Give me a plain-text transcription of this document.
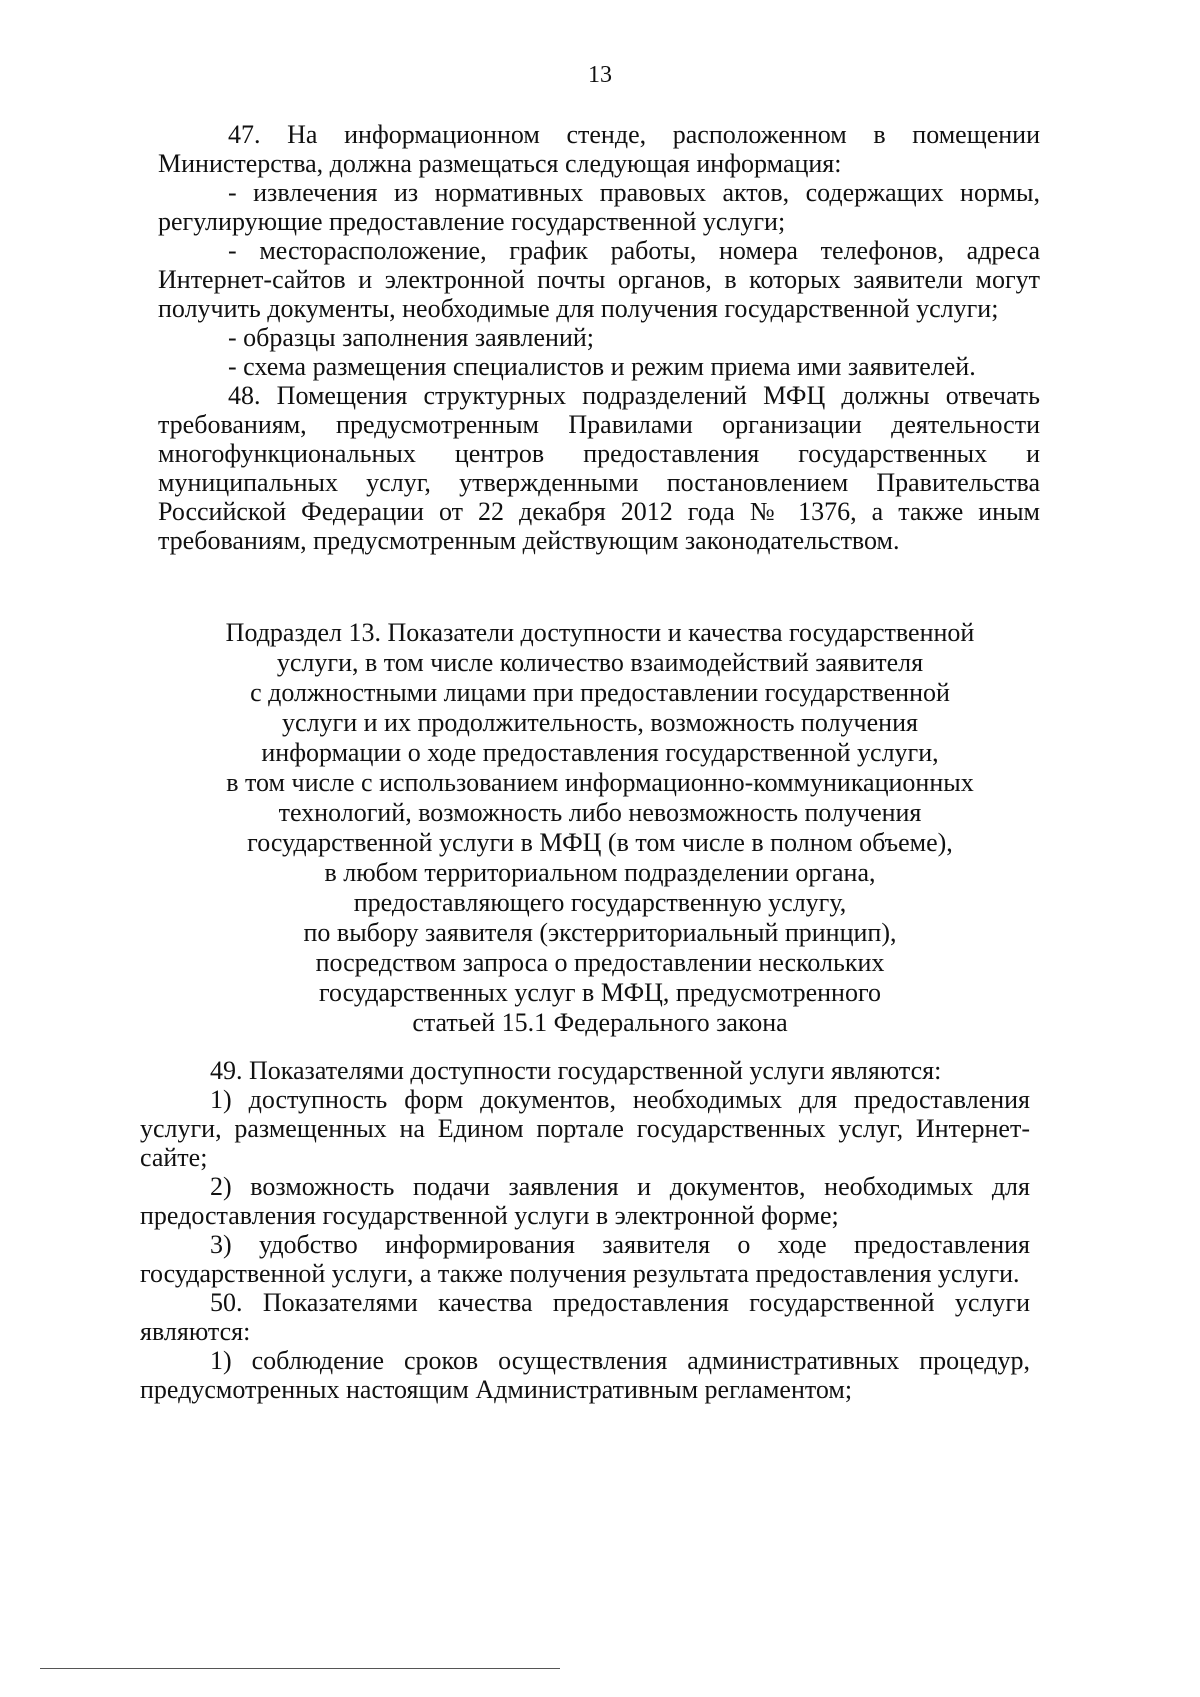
13

47. На информационном стенде, расположенном в помещении Министерства, должна размещаться следующая информация:

- извлечения из нормативных правовых актов, содержащих нормы, регулирующие предоставление государственной услуги;

- месторасположение, график работы, номера телефонов, адреса Интернет-сайтов и электронной почты органов, в которых заявители могут получить документы, необходимые для получения государственной услуги;

- образцы заполнения заявлений;

- схема размещения специалистов и режим приема ими заявителей.

48. Помещения структурных подразделений МФЦ должны отвечать требованиям, предусмотренным Правилами организации деятельности многофункциональных центров предоставления государственных и муниципальных услуг, утвержденными постановлением Правительства Российской Федерации от 22 декабря 2012 года № 1376, а также иным требованиям, предусмотренным действующим законодательством.

Подраздел 13. Показатели доступности и качества государственной
услуги, в том числе количество взаимодействий заявителя
с должностными лицами при предоставлении государственной
услуги и их продолжительность, возможность получения
информации о ходе предоставления государственной услуги,
в том числе с использованием информационно-коммуникационных
технологий, возможность либо невозможность получения
государственной услуги в МФЦ (в том числе в полном объеме),
в любом территориальном подразделении органа,
предоставляющего государственную услугу,
по выбору заявителя (экстерриториальный принцип),
посредством запроса о предоставлении нескольких
государственных услуг в МФЦ, предусмотренного
статьей 15.1 Федерального закона

49. Показателями доступности государственной услуги являются:

1) доступность форм документов, необходимых для предоставления услуги, размещенных на Едином портале государственных услуг, Интернет-сайте;

2) возможность подачи заявления и документов, необходимых для предоставления государственной услуги в электронной форме;

3) удобство информирования заявителя о ходе предоставления государственной услуги, а также получения результата предоставления услуги.

50. Показателями качества предоставления государственной услуги являются:

1) соблюдение сроков осуществления административных процедур, предусмотренных настоящим Административным регламентом;
